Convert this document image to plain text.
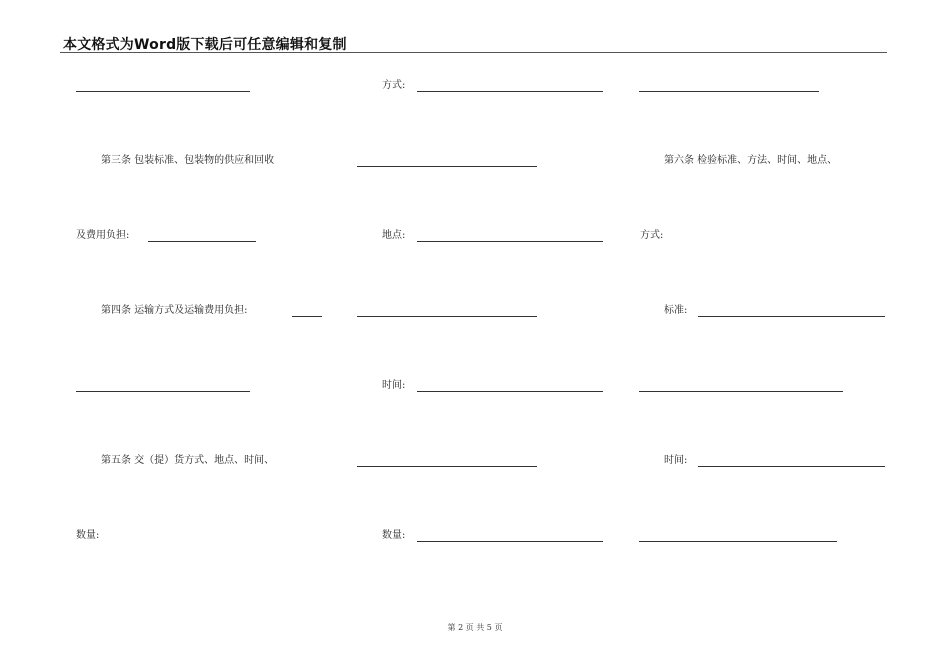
本文格式为Word版下载后可任意编辑和复制
方式:
第三条 包装标准、包装物的供应和回收	第六条 检验标准、方法、时间、地点、
及费用负担:	地点:	方式:
第四条 运输方式及运输费用负担:	标准:
时间:
第五条 交（提）货方式、地点、时间、	时间:
数量:	数量:
第 2 页 共 5 页
